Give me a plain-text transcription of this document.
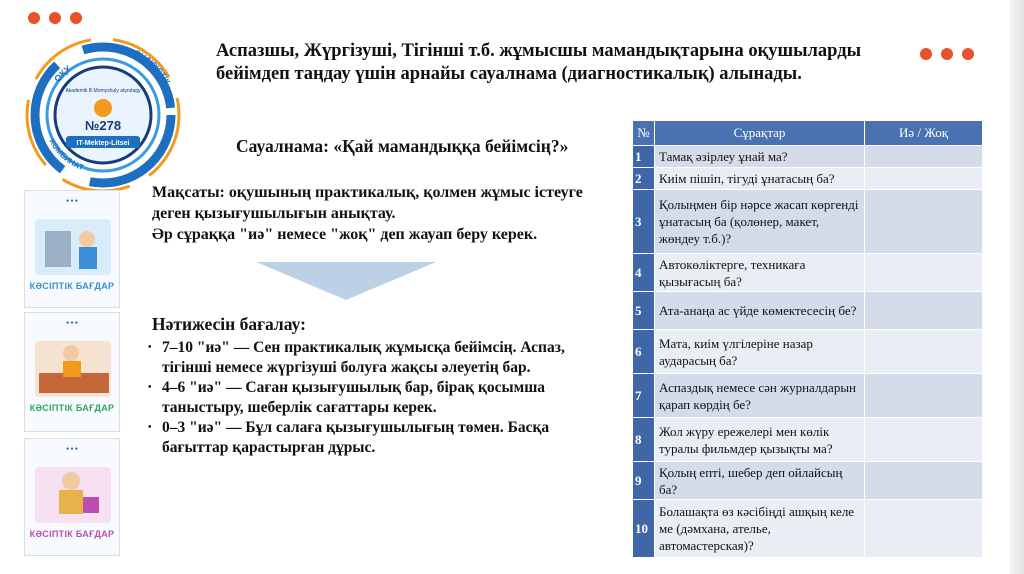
ОҚУ
ӨНДІРІСТІК
КОМБИНАТ
Akademik B.Momyshuly atyndagy
№278
IT-Mektep-Litsei
Аспазшы, Жүргізуші, Тігінші т.б. жұмысшы мамандықтарына оқушыларды бейімдеп таңдау үшін арнайы сауалнама (диагностикалық) алынады.
Сауалнама: «Қай мамандыққа бейімсің?»
Мақсаты: оқушының практикалық, қолмен жұмыс істеуге
деген қызығушылығын анықтау.
Әр сұраққа "иә" немесе "жоқ" деп жауап беру керек.
Нәтижесін бағалау:
• 7–10 "иә" — Сен практикалық жұмысқа бейімсің. Аспаз, тігінші немесе жүргізуші болуға жақсы әлеуетің бар.
• 4–6 "иә" — Саған қызығушылық бар, бірақ қосымша таныстыру, шеберлік сағаттары керек.
• 0–3 "иә" — Бұл салаға қызығушылығың төмен. Басқа бағыттар қарастырған дұрыс.
● ● ●
КӘСІПТІК БАҒДАР
● ● ●
КӘСІПТІК БАҒДАР
● ● ●
КӘСІПТІК БАҒДАР
№	Сұрақтар	Иә / Жоқ
1	Тамақ әзірлеу ұнай ма?	
2	Киім пішіп, тігуді ұнатасың ба?	
3	Қолыңмен бір нәрсе жасап көргенді ұнатасың ба (қолөнер, макет, жөндеу т.б.)?	
4	Автокөліктерге, техникаға қызығасың ба?	
5	Ата-анаңа ас үйде көмектесесің бе?	
6	Мата, киім үлгілеріне назар аударасың ба?	
7	Аспаздық немесе сән журналдарын қарап көрдің бе?	
8	Жол жүру ережелері мен көлік туралы фильмдер қызықты ма?	
9	Қолың епті, шебер деп ойлайсың ба?	
10	Болашақта өз кәсібіңді ашқың келе ме (дәмхана, ателье, автомастерская)?	
